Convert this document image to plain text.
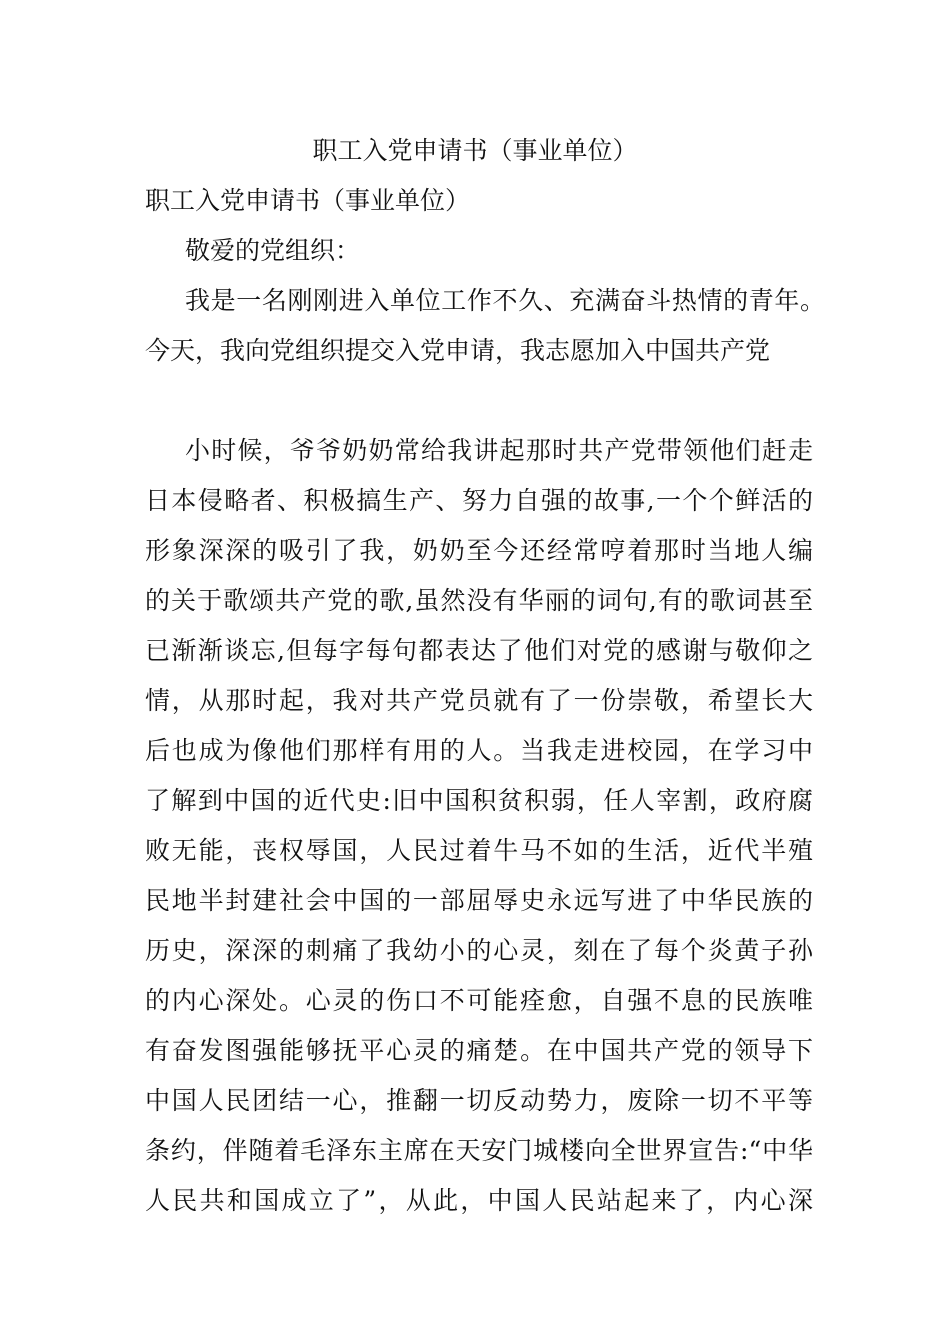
职工入党申请书（事业单位）
职工入党申请书（事业单位）
敬爱的党组织：
我是一名刚刚进入单位工作不久、充满奋斗热情的青年。
今天，我向党组织提交入党申请，我志愿加入中国共产党
小时候，爷爷奶奶常给我讲起那时共产党带领他们赶走
日本侵略者、积极搞生产、努力自强的故事,一个个鲜活的
形象深深的吸引了我，奶奶至今还经常哼着那时当地人编
的关于歌颂共产党的歌,虽然没有华丽的词句,有的歌词甚至
已渐渐谈忘,但每字每句都表达了他们对党的感谢与敬仰之
情，从那时起，我对共产党员就有了一份崇敬，希望长大
后也成为像他们那样有用的人。当我走进校园，在学习中
了解到中国的近代史:旧中国积贫积弱，任人宰割，政府腐
败无能，丧权辱国，人民过着牛马不如的生活，近代半殖
民地半封建社会中国的一部屈辱史永远写进了中华民族的
历史，深深的刺痛了我幼小的心灵，刻在了每个炎黄子孙
的内心深处。心灵的伤口不可能痊愈，自强不息的民族唯
有奋发图强能够抚平心灵的痛楚。在中国共产党的领导下
中国人民团结一心，推翻一切反动势力，废除一切不平等
条约，伴随着毛泽东主席在天安门城楼向全世界宣告:“中华
人民共和国成立了”，从此，中国人民站起来了，内心深
